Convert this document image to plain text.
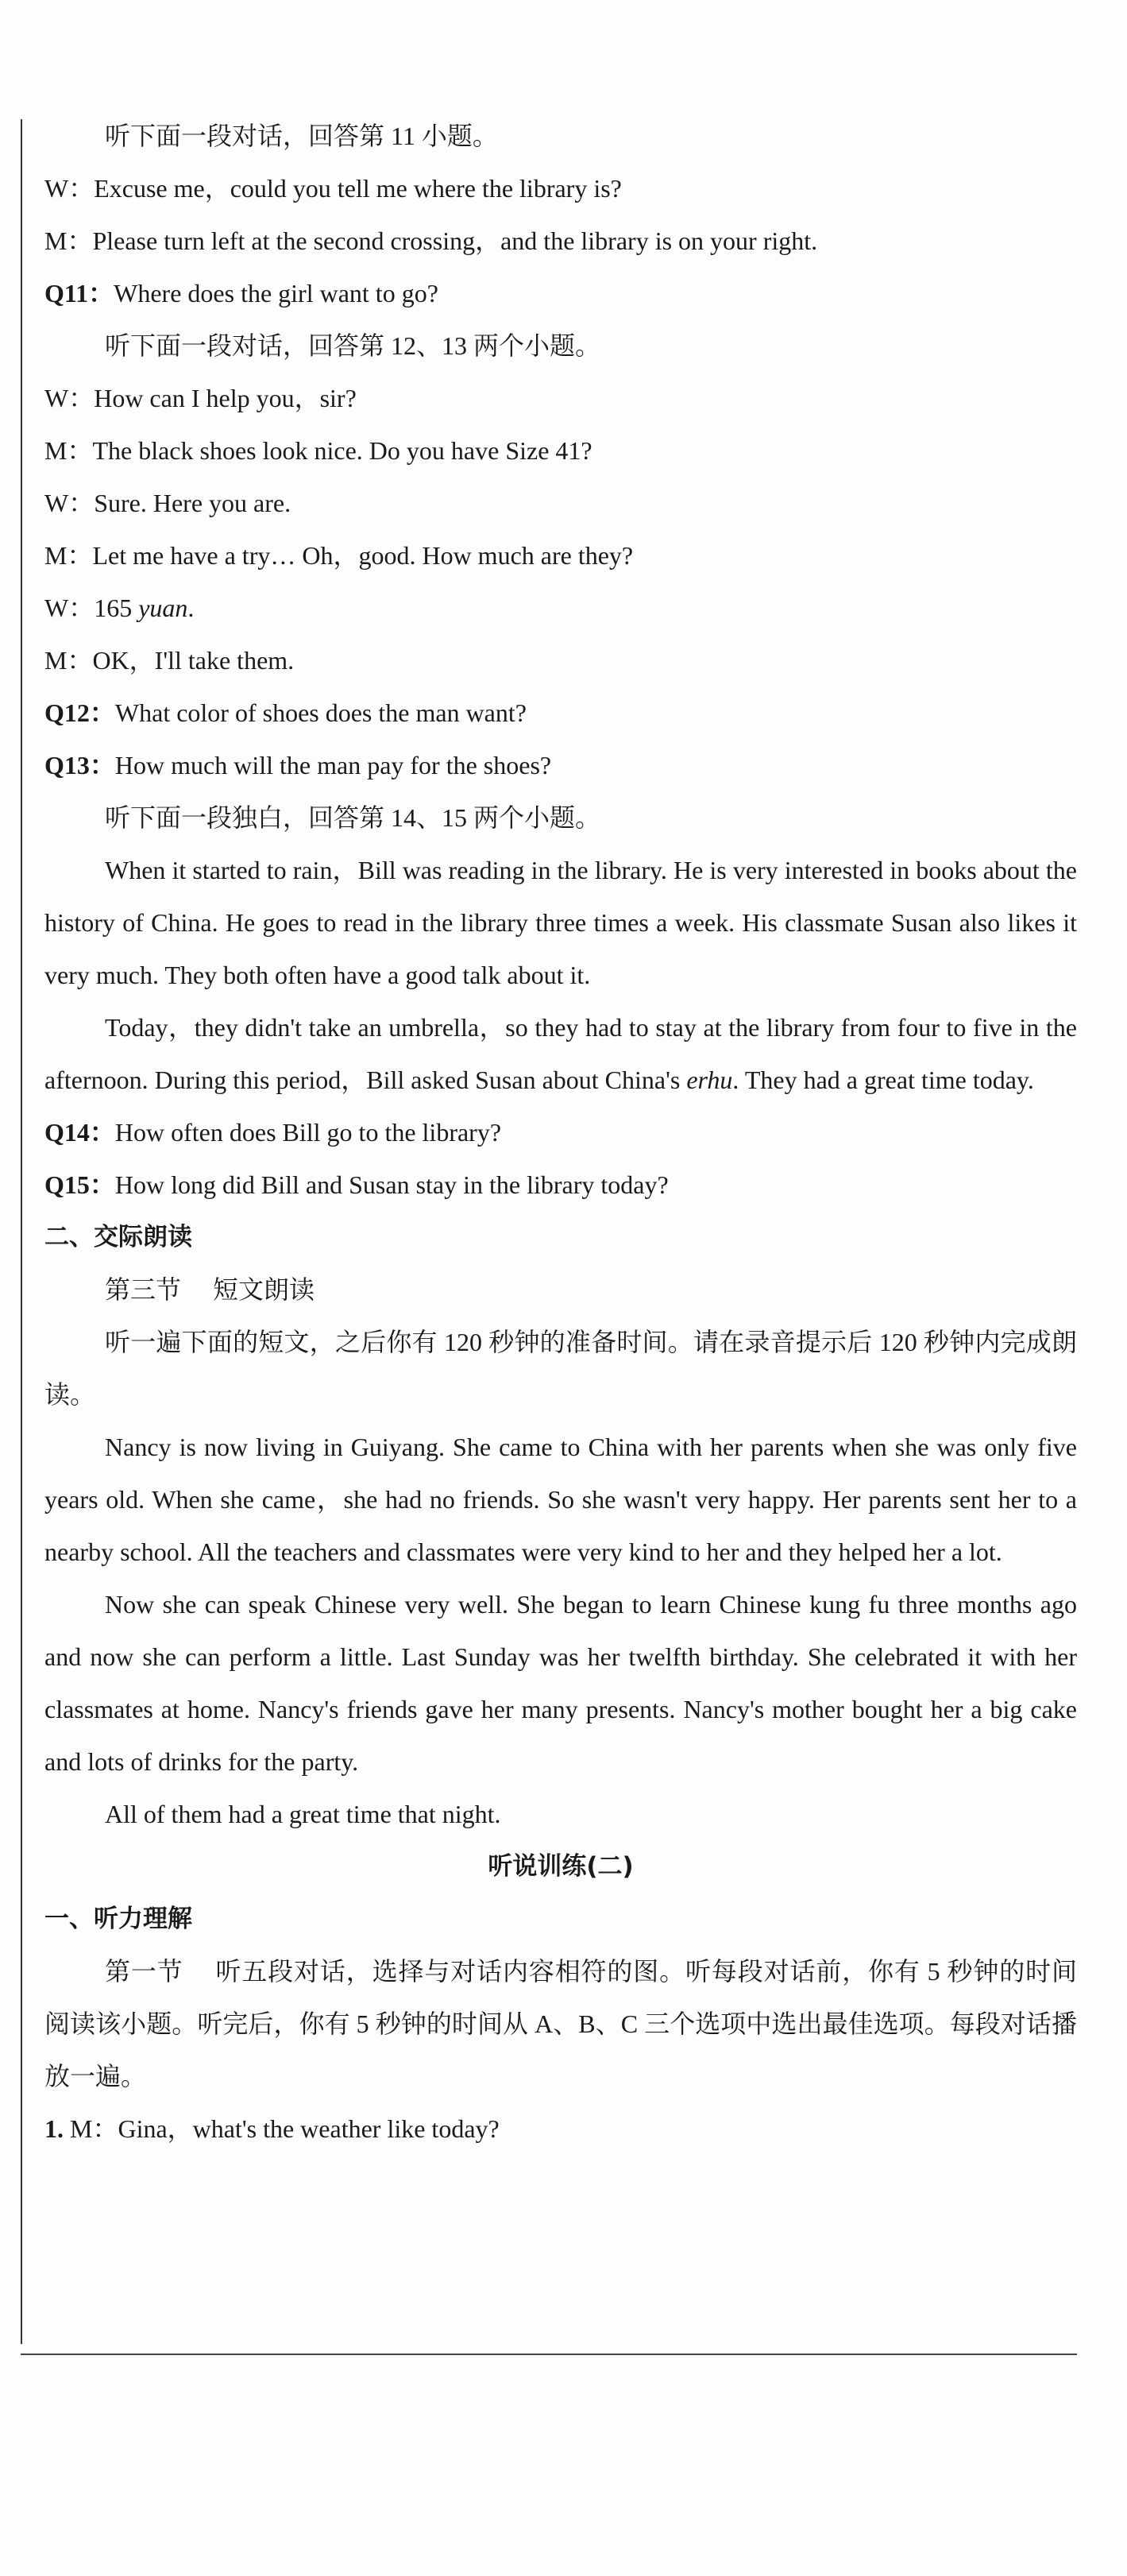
听下面一段对话，回答第 11 小题。
W：Excuse me，could you tell me where the library is?
M：Please turn left at the second crossing，and the library is on your right.
Q11：Where does the girl want to go?
听下面一段对话，回答第 12、13 两个小题。
W：How can I help you，sir?
M：The black shoes look nice. Do you have Size 41?
W：Sure. Here you are.
M：Let me have a try… Oh，good. How much are they?
W：165 yuan.
M：OK，I'll take them.
Q12：What color of shoes does the man want?
Q13：How much will the man pay for the shoes?
听下面一段独白，回答第 14、15 两个小题。
When it started to rain，Bill was reading in the library. He is very interested in books about the history of China. He goes to read in the library three times a week. His classmate Susan also likes it very much. They both often have a good talk about it.
Today，they didn't take an umbrella，so they had to stay at the library from four to five in the afternoon. During this period，Bill asked Susan about China's erhu. They had a great time today.
Q14：How often does Bill go to the library?
Q15：How long did Bill and Susan stay in the library today?
二、交际朗读
第三节 短文朗读
听一遍下面的短文，之后你有 120 秒钟的准备时间。请在录音提示后 120 秒钟内完成朗读。
Nancy is now living in Guiyang. She came to China with her parents when she was only five years old. When she came，she had no friends. So she wasn't very happy. Her parents sent her to a nearby school. All the teachers and classmates were very kind to her and they helped her a lot.
Now she can speak Chinese very well. She began to learn Chinese kung fu three months ago and now she can perform a little. Last Sunday was her twelfth birthday. She celebrated it with her classmates at home. Nancy's friends gave her many presents. Nancy's mother bought her a big cake and lots of drinks for the party.
All of them had a great time that night.
听说训练(二)
一、听力理解
第一节 听五段对话，选择与对话内容相符的图。听每段对话前，你有 5 秒钟的时间阅读该小题。听完后，你有 5 秒钟的时间从 A、B、C 三个选项中选出最佳选项。每段对话播放一遍。
1. M：Gina，what's the weather like today?
